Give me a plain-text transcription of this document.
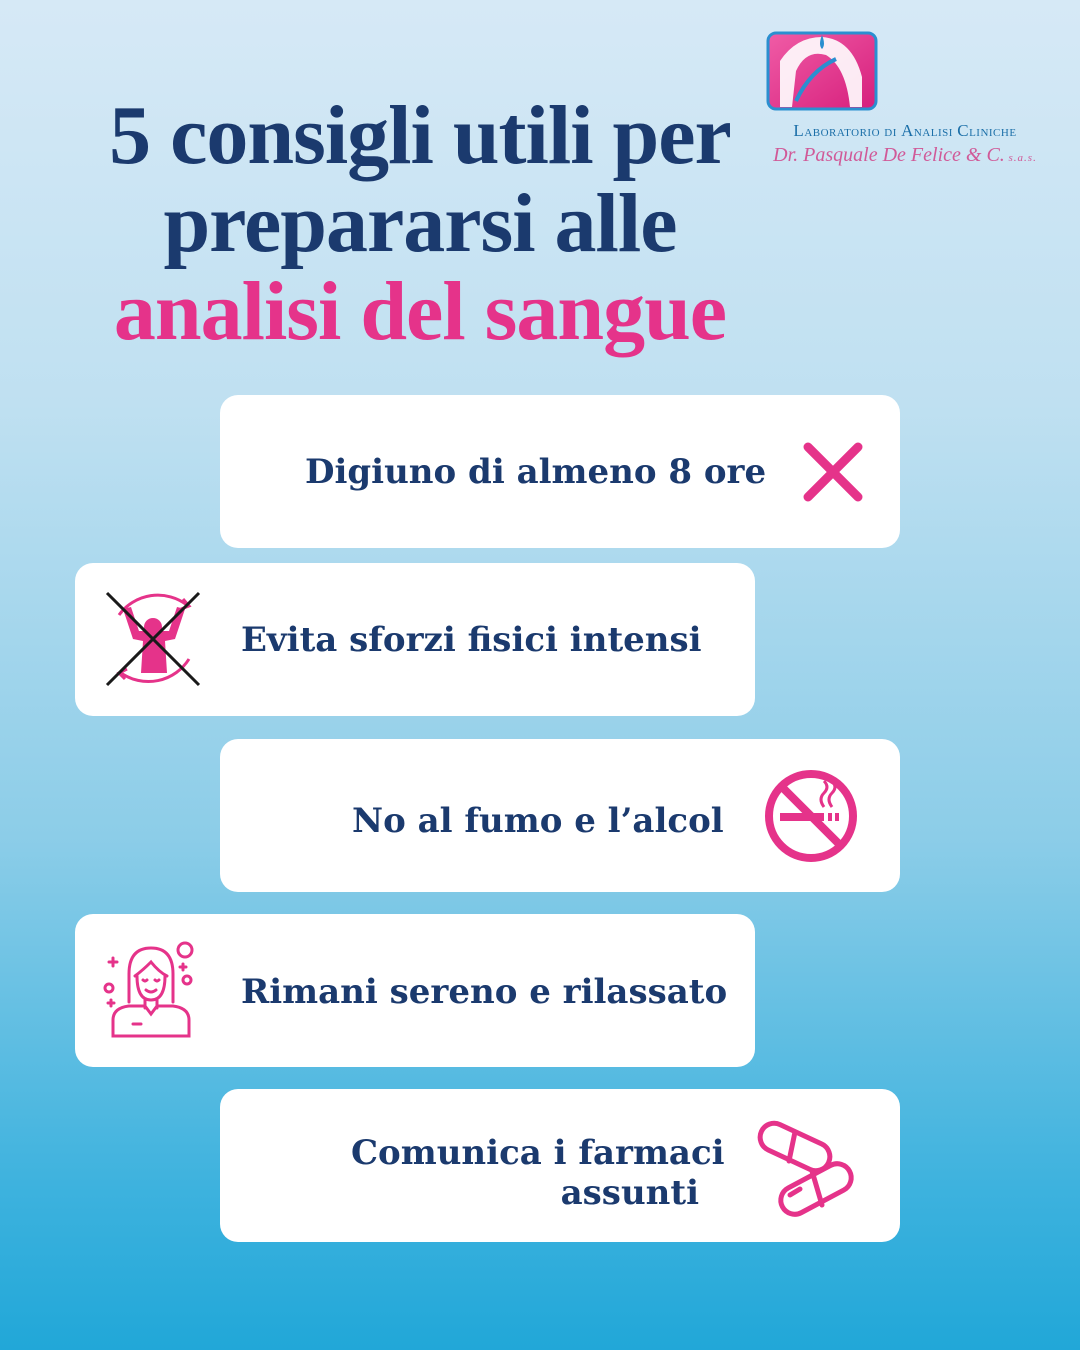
5 consigli utili per
prepararsi alle
analisi del sangue
Laboratorio di Analisi Cliniche
Dr. Pasquale De Felice & C. s.a.s.
Digiuno di almeno 8 ore
Evita sforzi fisici intensi
No al fumo e l’alcol
Rimani sereno e rilassato
Comunica i farmaci
assunti
